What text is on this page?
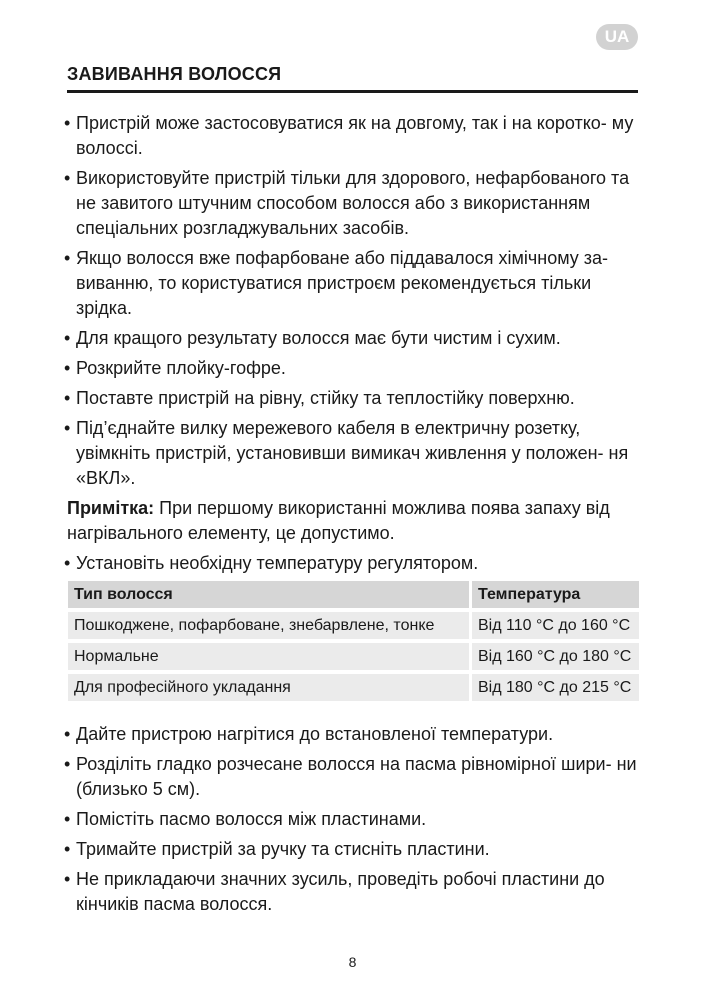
UA
ЗАВИВАННЯ ВОЛОССЯ
• Пристрій може застосовуватися як на довгому, так і на коротко- му волоссі.
• Використовуйте пристрій тільки для здорового, нефарбованого та не завитого штучним способом волосся або з використанням спеціальних розгладжувальних засобів.
• Якщо волосся вже пофарбоване або піддавалося хімічному за- виванню, то користуватися пристроєм рекомендується тільки зрідка.
• Для кращого результату волосся має бути чистим і сухим.
• Розкрийте плойку-гофре.
• Поставте пристрій на рівну, стійку та теплостійку поверхню.
• Під’єднайте вилку мережевого кабеля в електричну розетку, увімкніть пристрій, установивши вимикач живлення у положен- ня «ВКЛ».

Примітка: При першому використанні можлива поява запаху від нагрівального елементу, це допустимо.

• Установіть необхідну температуру регулятором.
Тип волосся	Температура
Пошкоджене, пофарбоване, знебарвлене, тонке	Від 110 °С до 160 °С
Нормальне	Від 160 °С до 180 °С
Для професійного укладання	Від 180 °С до 215 °С
• Дайте пристрою нагрітися до встановленої температури.
• Розділіть гладко розчесане волосся на пасма рівномірної шири- ни (близько 5 см).
• Помістіть пасмо волосся між пластинами.
• Тримайте пристрій за ручку та стисніть пластини.
• Не прикладаючи значних зусиль, проведіть робочі пластини до кінчиків пасма волосся.
8
